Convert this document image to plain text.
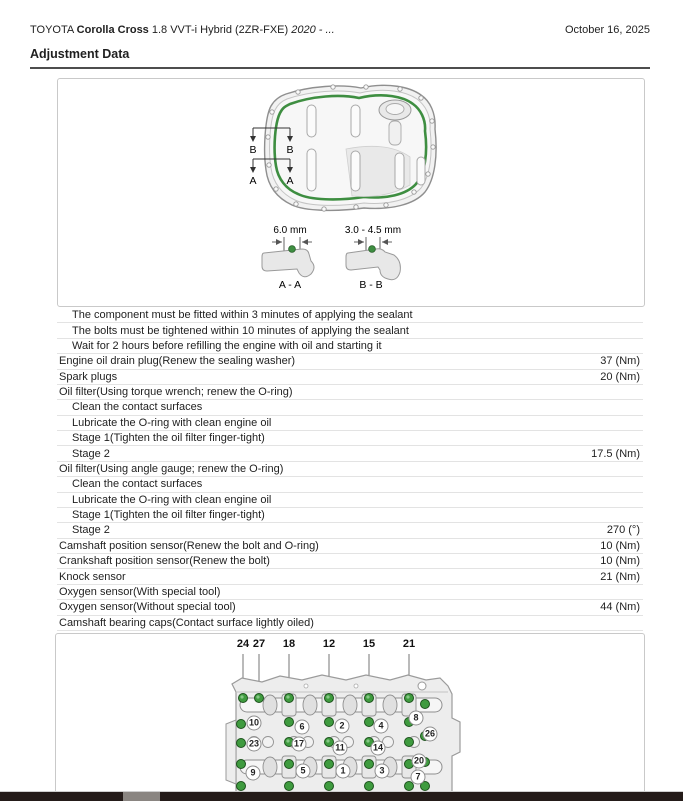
TOYOTA Corolla Cross 1.8 VVT-i Hybrid (2ZR-FXE) 2020 - ...	October 16, 2025
Adjustment Data
B	B
A	A
6.0 mm
A - A
3.0 - 4.5 mm
B - B
The component must be fitted within 3 minutes of applying the sealant
The bolts must be tightened within 10 minutes of applying the sealant
Wait for 2 hours before refilling the engine with oil and starting it
Engine oil drain plug(Renew the sealing washer)	37 (Nm)
Spark plugs	20 (Nm)
Oil filter(Using torque wrench; renew the O-ring)
Clean the contact surfaces
Lubricate the O-ring with clean engine oil
Stage 1(Tighten the oil filter finger-tight)
Stage 2	17.5 (Nm)
Oil filter(Using angle gauge; renew the O-ring)
Clean the contact surfaces
Lubricate the O-ring with clean engine oil
Stage 1(Tighten the oil filter finger-tight)
Stage 2	270 (°)
Camshaft position sensor(Renew the bolt and O-ring)	10 (Nm)
Crankshaft position sensor(Renew the bolt)	10 (Nm)
Knock sensor	21 (Nm)
Oxygen sensor(With special tool)
Oxygen sensor(Without special tool)	44 (Nm)
Camshaft bearing caps(Contact surface lightly oiled)
24 27 18	12	15	21
10	6	2	4
8
26
23	17	11	14
20
9	5	1	3
7
